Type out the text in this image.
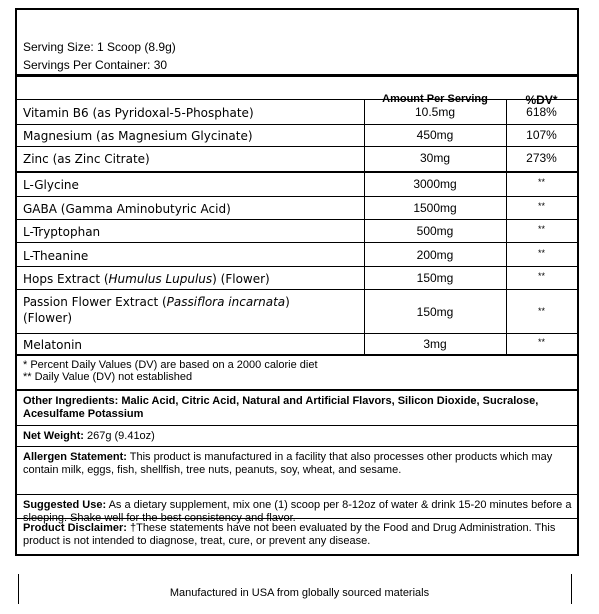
Serving Size: 1 Scoop (8.9g)
Servings Per Container: 30
Amount Per Serving	%DV*
Vitamin B6 (as Pyridoxal-5-Phosphate)	10.5mg	618%
Magnesium (as Magnesium Glycinate)	450mg	107%
Zinc (as Zinc Citrate)	30mg	273%
L-Glycine	3000mg	**
GABA (Gamma Aminobutyric Acid)	1500mg	**
L-Tryptophan	500mg	**
L-Theanine	200mg	**
Hops Extract (Humulus Lupulus) (Flower)	150mg	**
Passion Flower Extract (Passiflora incarnata)
(Flower)	150mg	**
Melatonin	3mg	**
* Percent Daily Values (DV) are based on a 2000 calorie diet
** Daily Value (DV) not established
Other Ingredients: Malic Acid, Citric Acid, Natural and Artificial Flavors, Silicon Dioxide, Sucralose, Acesulfame Potassium
Net Weight: 267g (9.41oz)
Allergen Statement: This product is manufactured in a facility that also processes other products which may contain milk, eggs, fish, shellfish, tree nuts, peanuts, soy, wheat, and sesame.
Suggested Use: As a dietary supplement, mix one (1) scoop per 8-12oz of water & drink 15-20 minutes before a sleeping. Shake well for the best consistency and flavor.
Product Disclaimer: †These statements have not been evaluated by the Food and Drug Administration. This product is not intended to diagnose, treat, cure, or prevent any disease.
Manufactured in USA from globally sourced materials
